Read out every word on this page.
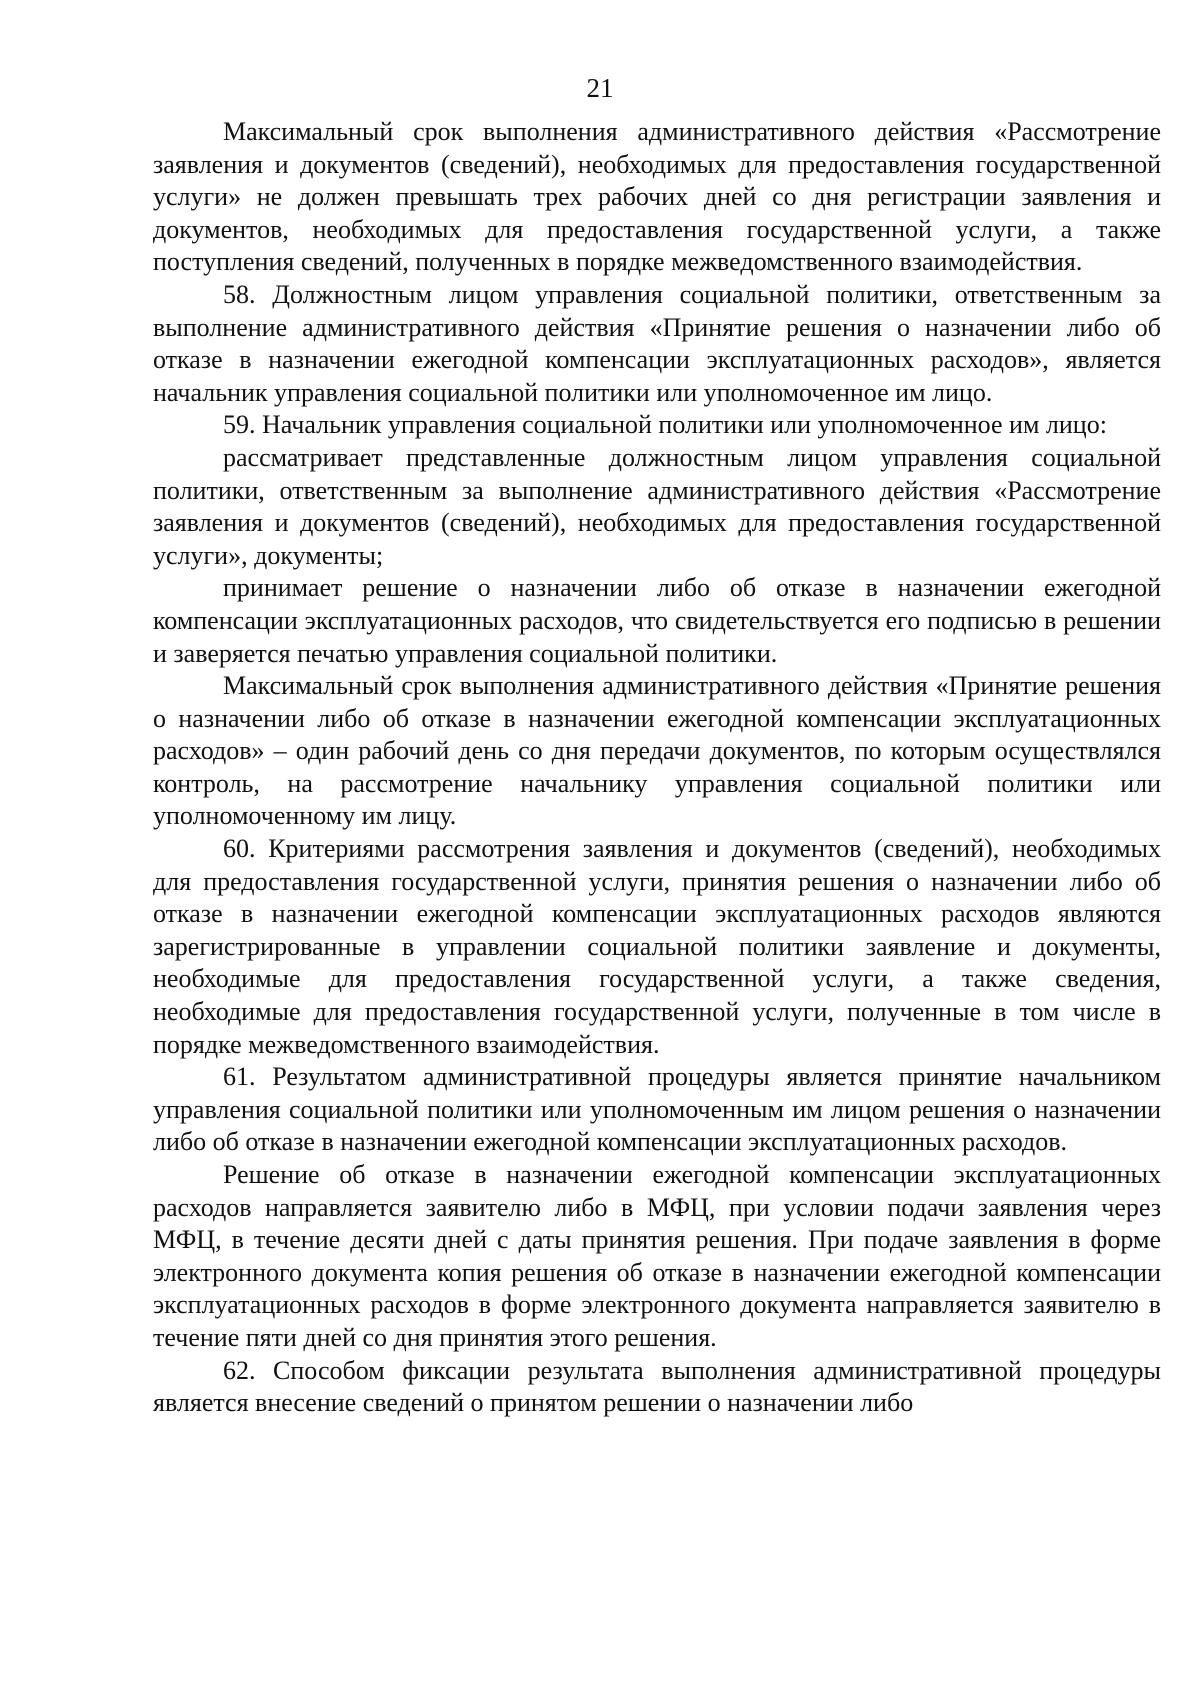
21

Максимальный срок выполнения административного действия «Рассмотрение заявления и документов (сведений), необходимых для предоставления государственной услуги» не должен превышать трех рабочих дней со дня регистрации заявления и документов, необходимых для предоставления государственной услуги, а также поступления сведений, полученных в порядке межведомственного взаимодействия.

58. Должностным лицом управления социальной политики, ответственным за выполнение административного действия «Принятие решения о назначении либо об отказе в назначении ежегодной компенсации эксплуатационных расходов», является начальник управления социальной политики или уполномоченное им лицо.

59. Начальник управления социальной политики или уполномоченное им лицо:

рассматривает представленные должностным лицом управления социальной политики, ответственным за выполнение административного действия «Рассмотрение заявления и документов (сведений), необходимых для предоставления государственной услуги», документы;

принимает решение о назначении либо об отказе в назначении ежегодной компенсации эксплуатационных расходов, что свидетельствуется его подписью в решении и заверяется печатью управления социальной политики.

Максимальный срок выполнения административного действия «Принятие решения о назначении либо об отказе в назначении ежегодной компенсации эксплуатационных расходов» – один рабочий день со дня передачи документов, по которым осуществлялся контроль, на рассмотрение начальнику управления социальной политики или уполномоченному им лицу.

60. Критериями рассмотрения заявления и документов (сведений), необходимых для предоставления государственной услуги, принятия решения о назначении либо об отказе в назначении ежегодной компенсации эксплуатационных расходов являются зарегистрированные в управлении социальной политики заявление и документы, необходимые для предоставления государственной услуги, а также сведения, необходимые для предоставления государственной услуги, полученные в том числе в порядке межведомственного взаимодействия.

61. Результатом административной процедуры является принятие начальником управления социальной политики или уполномоченным им лицом решения о назначении либо об отказе в назначении ежегодной компенсации эксплуатационных расходов.

Решение об отказе в назначении ежегодной компенсации эксплуатационных расходов направляется заявителю либо в МФЦ, при условии подачи заявления через МФЦ, в течение десяти дней с даты принятия решения. При подаче заявления в форме электронного документа копия решения об отказе в назначении ежегодной компенсации эксплуатационных расходов в форме электронного документа направляется заявителю в течение пяти дней со дня принятия этого решения.

62. Способом фиксации результата выполнения административной процедуры является внесение сведений о принятом решении о назначении либо
